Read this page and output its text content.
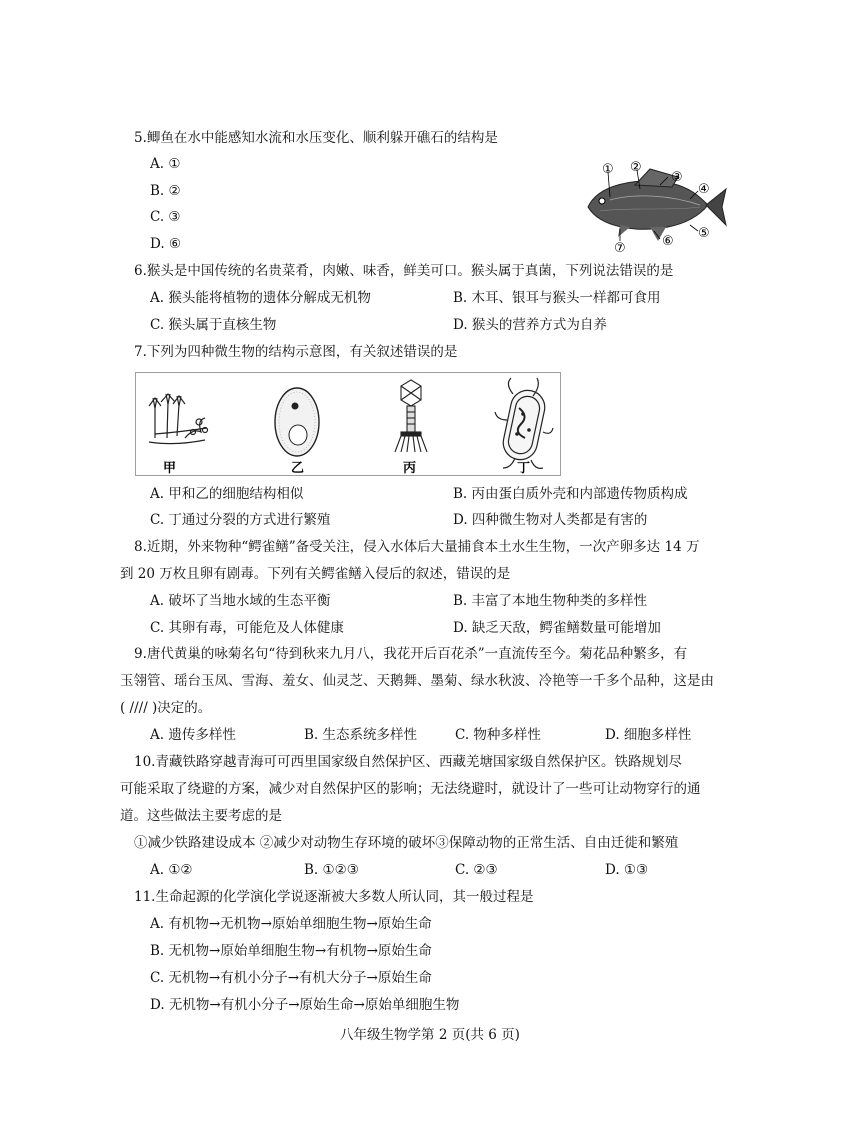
5.鲫鱼在水中能感知水流和水压变化、顺利躲开礁石的结构是
A. ①
B. ②
C. ③
D. ⑥
① ②
③
④
⑤
⑥
⑦
6.猴头是中国传统的名贵菜肴，肉嫩、味香，鲜美可口。猴头属于真菌，下列说法错误的是
A. 猴头能将植物的遗体分解成无机物	B. 木耳、银耳与猴头一样都可食用
C. 猴头属于直核生物	D. 猴头的营养方式为自养
7.下列为四种微生物的结构示意图，有关叙述错误的是
甲	乙	丙	丁
A. 甲和乙的细胞结构相似	B. 丙由蛋白质外壳和内部遗传物质构成
C. 丁通过分裂的方式进行繁殖	D. 四种微生物对人类都是有害的
8.近期，外来物种“鳄雀鳝”备受关注，侵入水体后大量捕食本土水生生物，一次产卵多达 14 万
到 20 万枚且卵有剧毒。下列有关鳄雀鳝入侵后的叙述，错误的是
A. 破坏了当地水域的生态平衡	B. 丰富了本地生物种类的多样性
C. 其卵有毒，可能危及人体健康	D. 缺乏天敌，鳄雀鳝数量可能增加
9.唐代黄巢的咏菊名句“待到秋来九月八，我花开后百花杀”一直流传至今。菊花品种繁多，有
玉翎管、瑶台玉凤、雪海、羞女、仙灵芝、天鹅舞、墨菊、绿水秋波、冷艳等一千多个品种，这是由
( //// )决定的。
A. 遗传多样性	B. 生态系统多样性	C. 物种多样性	D. 细胞多样性
10.青藏铁路穿越青海可可西里国家级自然保护区、西藏羌塘国家级自然保护区。铁路规划尽
可能采取了绕避的方案，减少对自然保护区的影响；无法绕避时，就设计了一些可让动物穿行的通
道。这些做法主要考虑的是
①减少铁路建设成本 ②减少对动物生存环境的破坏③保障动物的正常生活、自由迁徙和繁殖
A. ①②	B. ①②③	C. ②③	D. ①③
11.生命起源的化学演化学说逐渐被大多数人所认同，其一般过程是
A. 有机物→无机物→原始单细胞生物→原始生命
B. 无机物→原始单细胞生物→有机物→原始生命
C. 无机物→有机小分子→有机大分子→原始生命
D. 无机物→有机小分子→原始生命→原始单细胞生物
八年级生物学第 2 页(共 6 页)
